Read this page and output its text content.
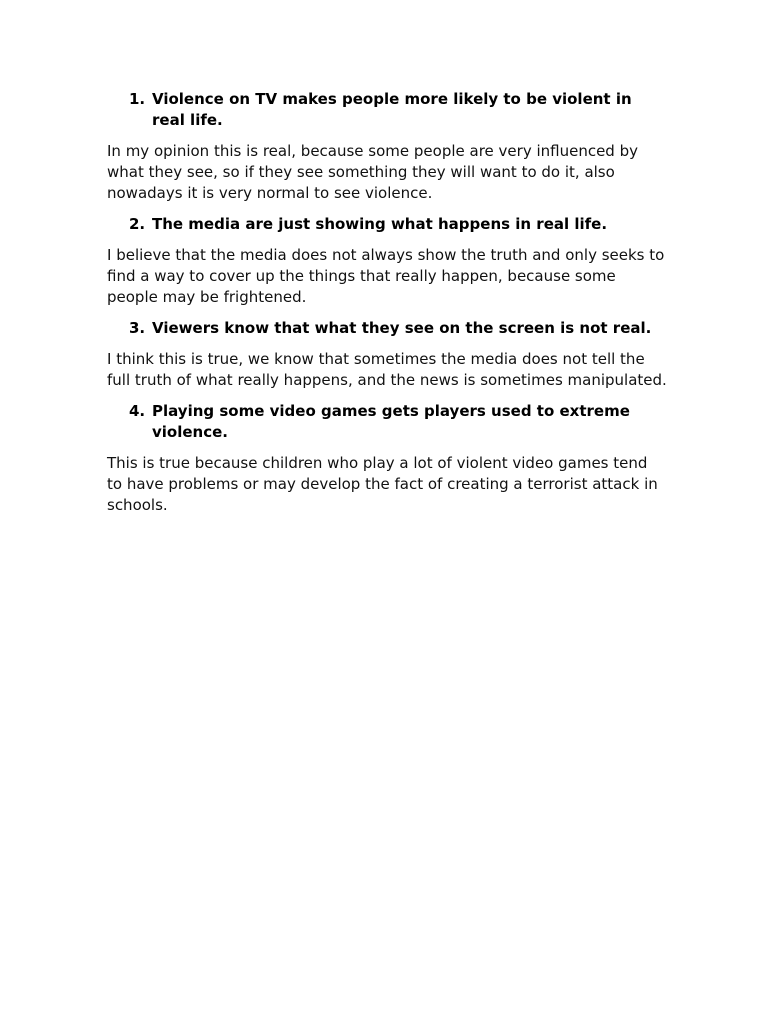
1. Violence on TV makes people more likely to be violent in real life.

In my opinion this is real, because some people are very influenced by what they see, so if they see something they will want to do it, also nowadays it is very normal to see violence.

2. The media are just showing what happens in real life.

I believe that the media does not always show the truth and only seeks to find a way to cover up the things that really happen, because some people may be frightened.

3. Viewers know that what they see on the screen is not real.

I think this is true, we know that sometimes the media does not tell the full truth of what really happens, and the news is sometimes manipulated.

4. Playing some video games gets players used to extreme violence.

This is true because children who play a lot of violent video games tend to have problems or may develop the fact of creating a terrorist attack in schools.
